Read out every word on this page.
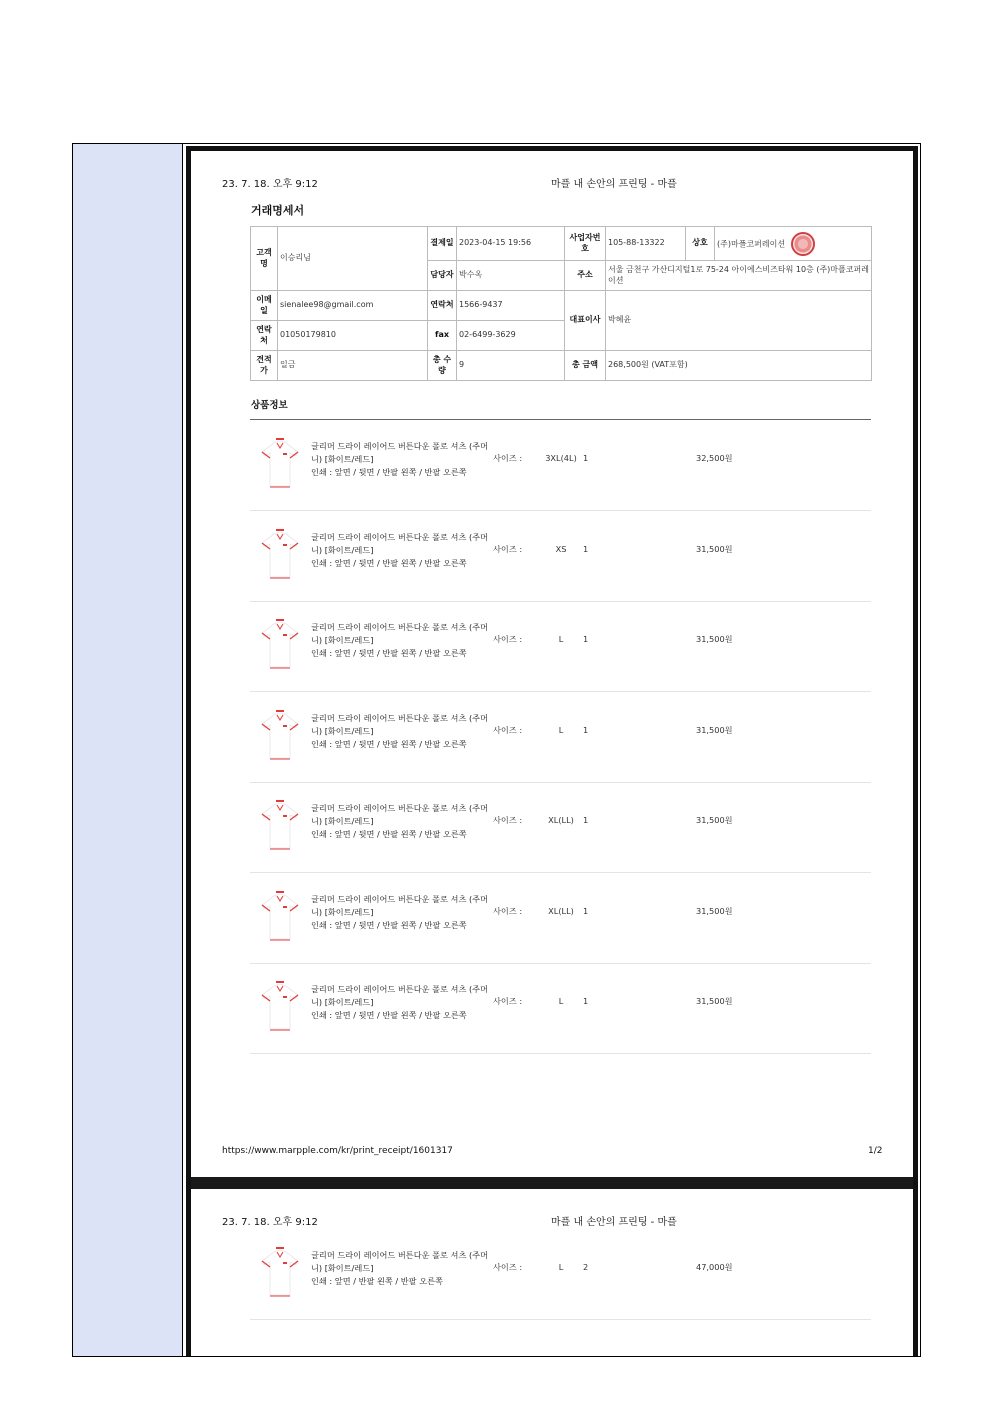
23. 7. 18. 오후 9:12	마플 내 손안의 프린팅 - 마플
거래명세서
고객명	이승리님	결제일	2023-04-15 19:56	사업자번호	105-88-13322	상호	(주)마플코퍼레이션
		담당자	박수옥	주소	서울 금천구 가산디지털1로 75-24 아이에스비즈타워 10층 (주)마플코퍼레이션		
이메일	sienalee98@gmail.com	연락처	1566-9437	대표이사	박혜윤		
연락처	01050179810	fax	02-6499-3629				
견적가	일금	총 수량	9	총 금액	268,500원 (VAT포함)		
상품정보
글리머 드라이 레이어드 버튼다운 폴로 셔츠 (주머니) [화이트/레드]
인쇄 : 앞면 / 뒷면 / 반팔 왼쪽 / 반팔 오른쪽
사이즈 :	3XL(4L) 1	32,500원
글리머 드라이 레이어드 버튼다운 폴로 셔츠 (주머니) [화이트/레드]
인쇄 : 앞면 / 뒷면 / 반팔 왼쪽 / 반팔 오른쪽
사이즈 :	XS	1	31,500원
글리머 드라이 레이어드 버튼다운 폴로 셔츠 (주머니) [화이트/레드]
인쇄 : 앞면 / 뒷면 / 반팔 왼쪽 / 반팔 오른쪽
사이즈 :	L	1	31,500원
글리머 드라이 레이어드 버튼다운 폴로 셔츠 (주머니) [화이트/레드]
인쇄 : 앞면 / 뒷면 / 반팔 왼쪽 / 반팔 오른쪽
사이즈 :	L	1	31,500원
글리머 드라이 레이어드 버튼다운 폴로 셔츠 (주머니) [화이트/레드]
인쇄 : 앞면 / 뒷면 / 반팔 왼쪽 / 반팔 오른쪽
사이즈 :	XL(LL)	1	31,500원
글리머 드라이 레이어드 버튼다운 폴로 셔츠 (주머니) [화이트/레드]
인쇄 : 앞면 / 뒷면 / 반팔 왼쪽 / 반팔 오른쪽
사이즈 :	XL(LL)	1	31,500원
글리머 드라이 레이어드 버튼다운 폴로 셔츠 (주머니) [화이트/레드]
인쇄 : 앞면 / 뒷면 / 반팔 왼쪽 / 반팔 오른쪽
사이즈 :	L	1	31,500원
https://www.marpple.com/kr/print_receipt/1601317	1/2
23. 7. 18. 오후 9:12	마플 내 손안의 프린팅 - 마플
글리머 드라이 레이어드 버튼다운 폴로 셔츠 (주머니) [화이트/레드]
인쇄 : 앞면 / 반팔 왼쪽 / 반팔 오른쪽
사이즈 :	L	2	47,000원
